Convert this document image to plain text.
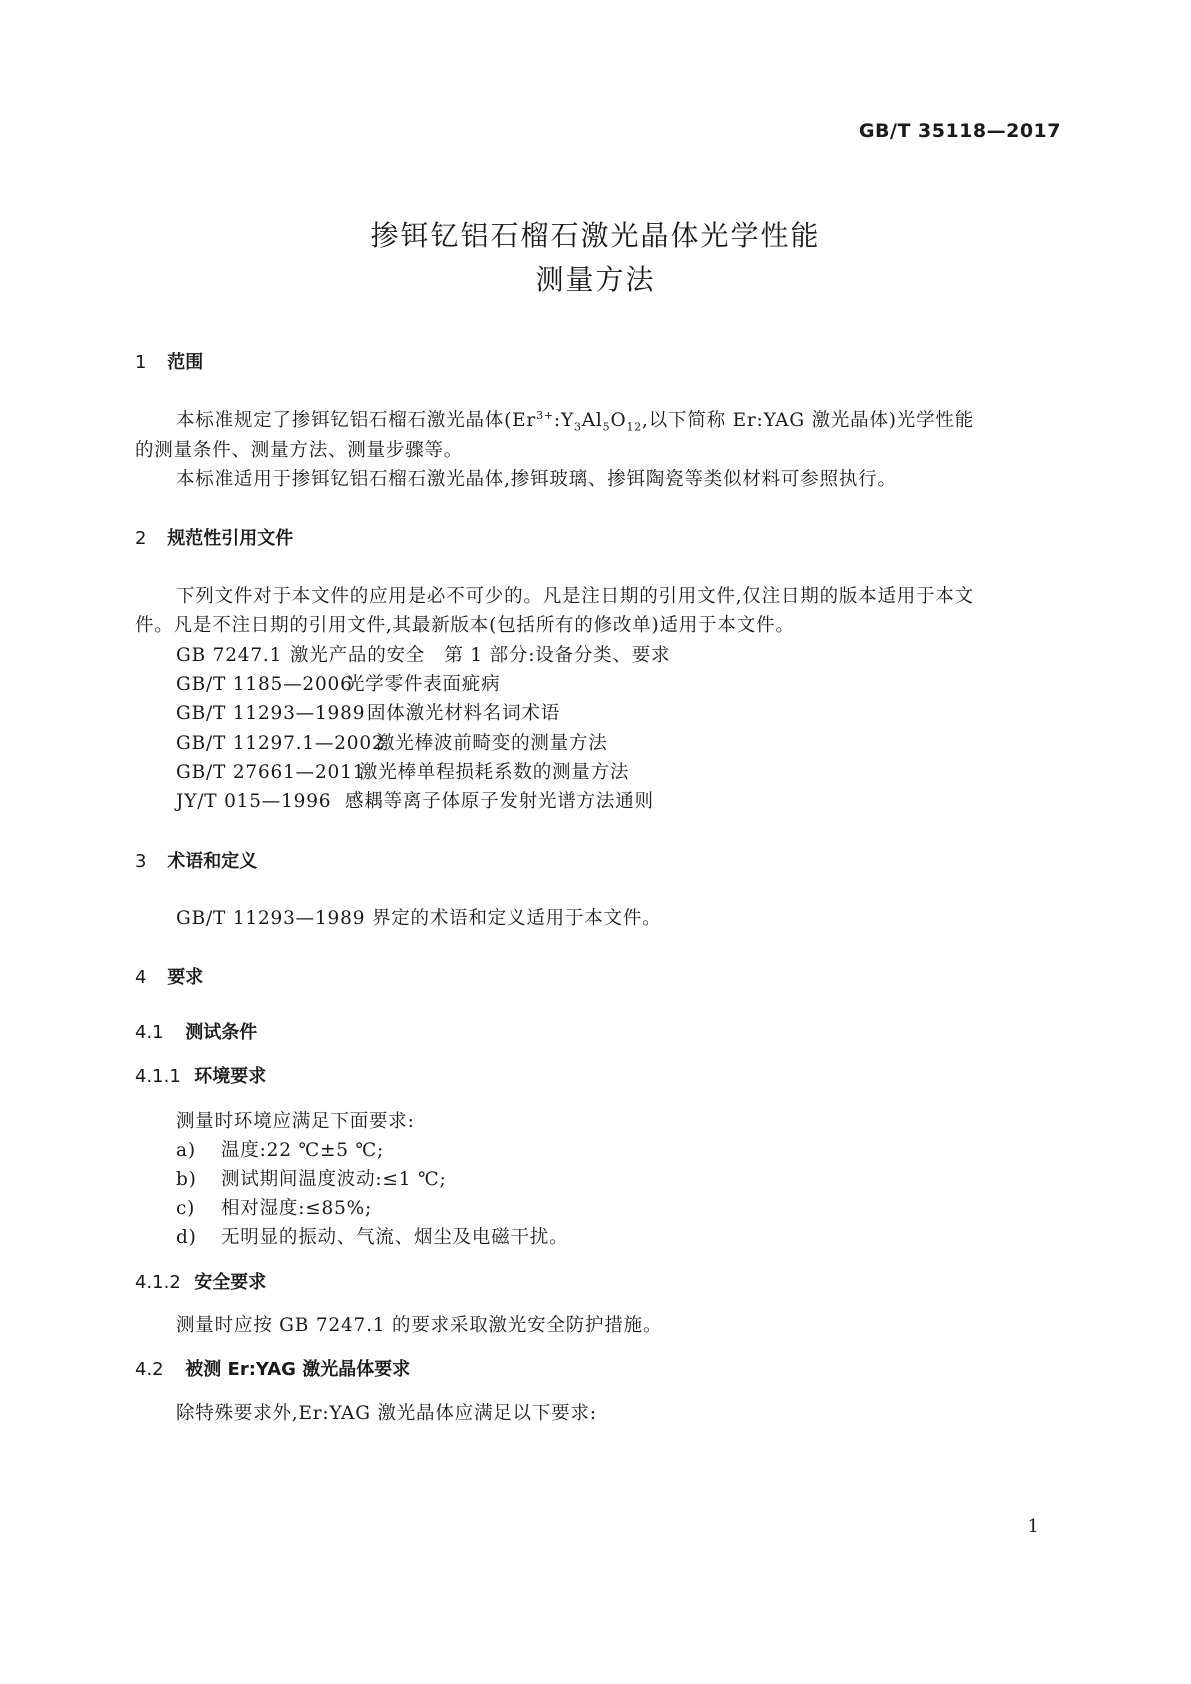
GB/T 35118—2017
掺铒钇铝石榴石激光晶体光学性能
测量方法
1 范围
本标准规定了掺铒钇铝石榴石激光晶体($Er^{3+}:Y_3Al_5O_{12}$,以下简称 Er:YAG 激光晶体)光学性能
的测量条件、测量方法、测量步骤等。
本标准适用于掺铒钇铝石榴石激光晶体,掺铒玻璃、掺铒陶瓷等类似材料可参照执行。
2 规范性引用文件
下列文件对于本文件的应用是必不可少的。凡是注日期的引用文件,仅注日期的版本适用于本文
件。凡是不注日期的引用文件,其最新版本(包括所有的修改单)适用于本文件。
GB 7247.1 激光产品的安全　第 1 部分:设备分类、要求
GB/T 1185—2006光学零件表面疵病
GB/T 11293—1989固体激光材料名词术语
GB/T 11297.1—2002激光棒波前畸变的测量方法
GB/T 27661—2011激光棒单程损耗系数的测量方法
JY/T 015—1996 感耦等离子体原子发射光谱方法通则
3 术语和定义
GB/T 11293—1989 界定的术语和定义适用于本文件。
4 要求
4.1 测试条件
4.1.1 环境要求
测量时环境应满足下面要求:
a) 温度:22 ℃±5 ℃;
b) 测试期间温度波动:≤1 ℃;
c) 相对湿度:≤85%;
d) 无明显的振动、气流、烟尘及电磁干扰。
4.1.2 安全要求
测量时应按 GB 7247.1 的要求采取激光安全防护措施。
4.2 被测 Er:YAG 激光晶体要求
除特殊要求外,Er:YAG 激光晶体应满足以下要求:
1
